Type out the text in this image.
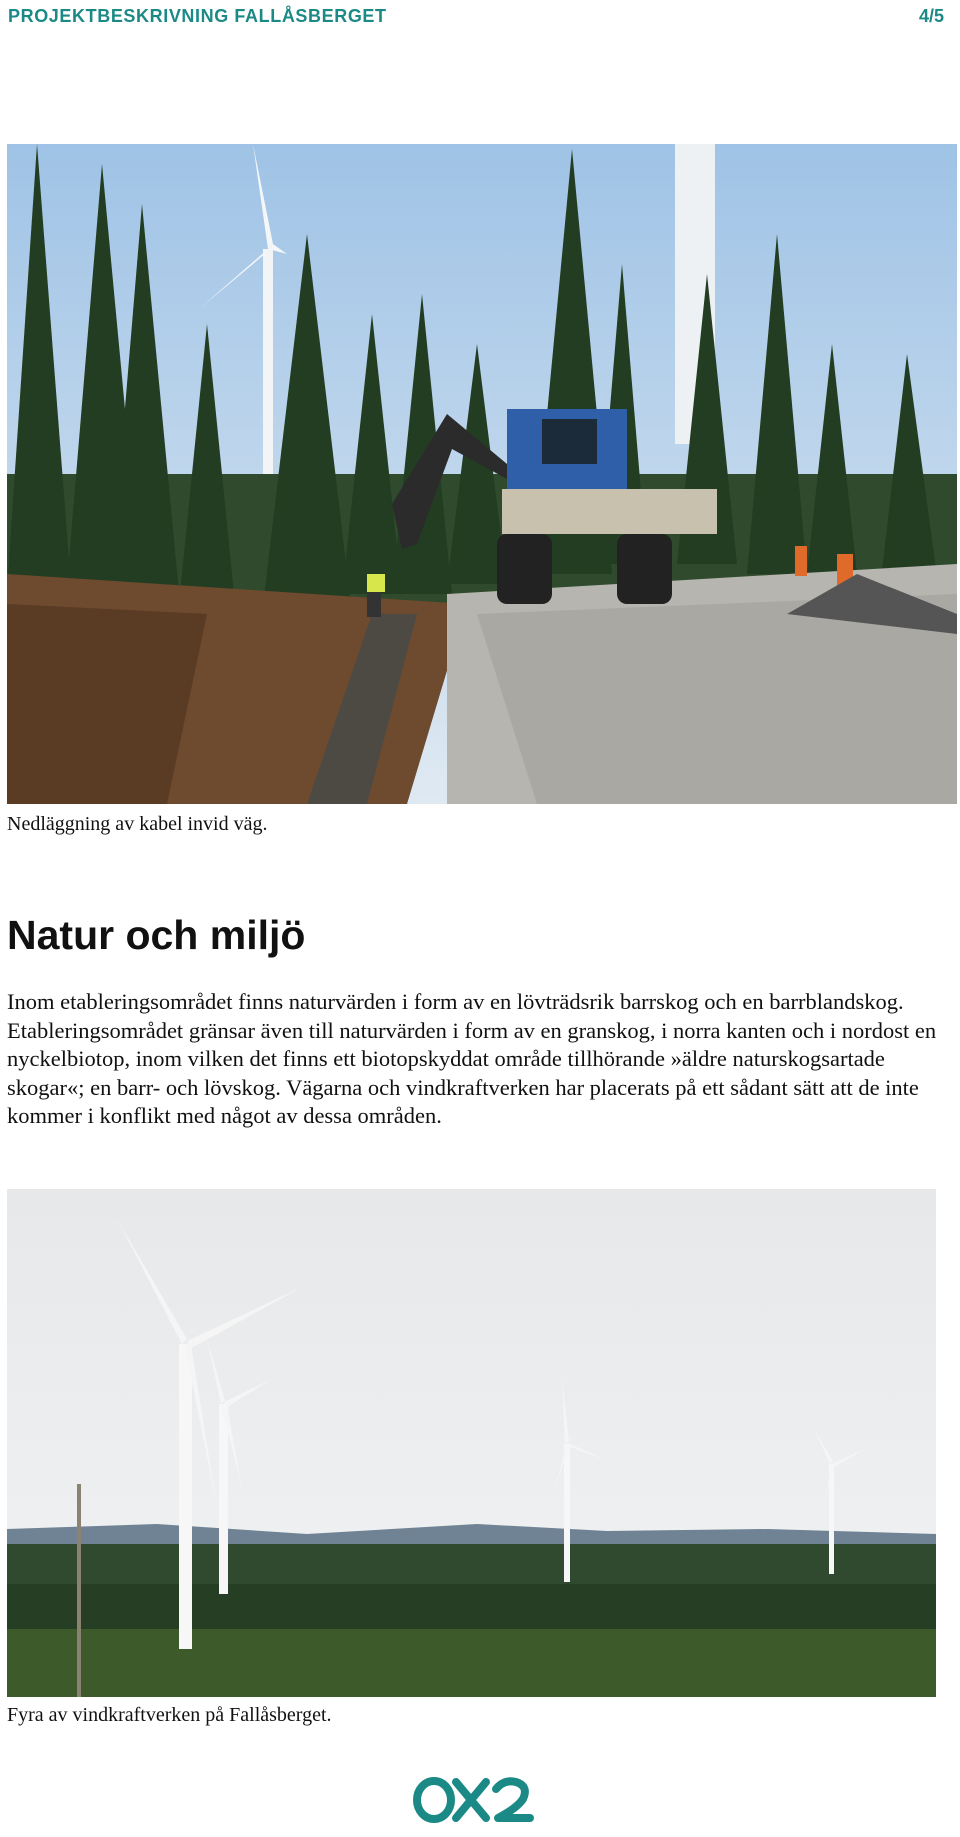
PROJEKTBESKRIVNING FALLÅSBERGET	4/5
Nedläggning av kabel invid väg.
Natur och miljö

Inom etableringsområdet finns naturvärden i form av en lövträdsrik barrskog och en barrblandskog. Etableringsområdet gränsar även till naturvärden i form av en granskog, i norra kanten och i nordost en nyckelbiotop, inom vilken det finns ett biotopskyddat område tillhörande »äldre naturskogsartade skogar«; en barr- och lövskog. Vägarna och vindkraftverken har placerats på ett sådant sätt att de inte kommer i konflikt med något av dessa områden.

Fyra av vindkraftverken på Fallåsberget.
